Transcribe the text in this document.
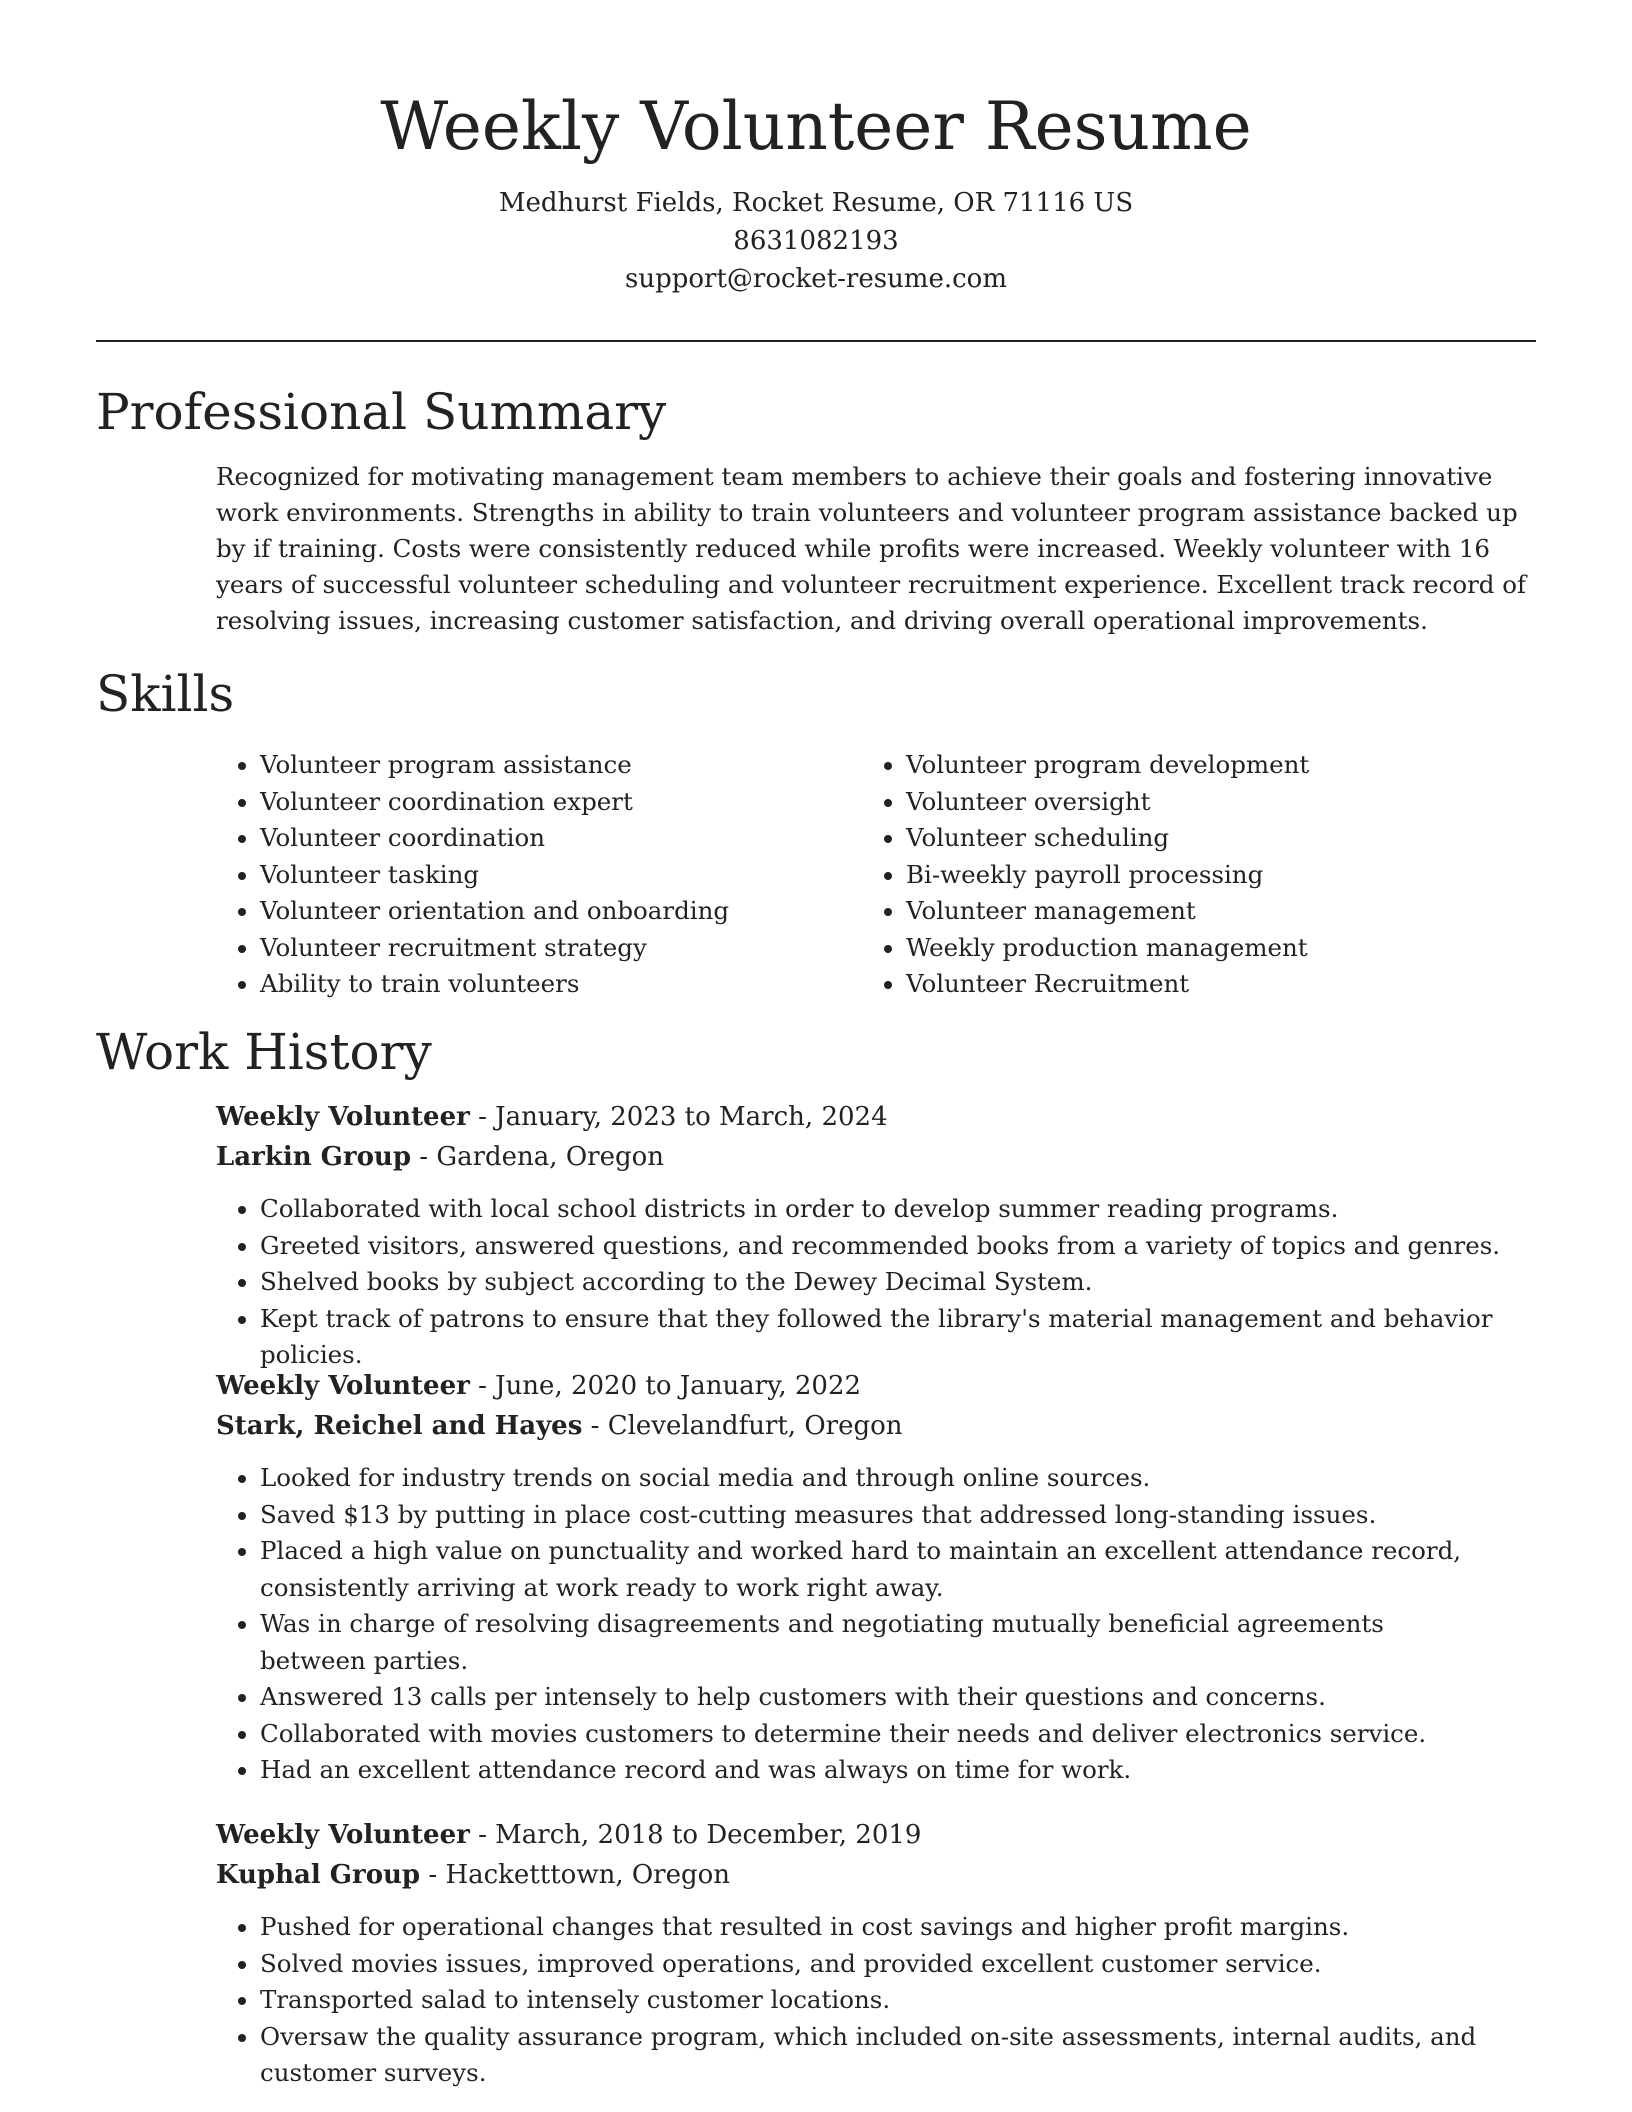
Weekly Volunteer Resume
Medhurst Fields, Rocket Resume, OR 71116 US
8631082193
support@rocket-resume.com
Professional Summary
Recognized for motivating management team members to achieve their goals and fostering innovative work environments. Strengths in ability to train volunteers and volunteer program assistance backed up by if training. Costs were consistently reduced while profits were increased. Weekly volunteer with 16 years of successful volunteer scheduling and volunteer recruitment experience. Excellent track record of resolving issues, increasing customer satisfaction, and driving overall operational improvements.
Skills
• Volunteer program assistance
• Volunteer coordination expert
• Volunteer coordination
• Volunteer tasking
• Volunteer orientation and onboarding
• Volunteer recruitment strategy
• Ability to train volunteers
• Volunteer program development
• Volunteer oversight
• Volunteer scheduling
• Bi-weekly payroll processing
• Volunteer management
• Weekly production management
• Volunteer Recruitment
Work History
Weekly Volunteer - January, 2023 to March, 2024
Larkin Group - Gardena, Oregon
• Collaborated with local school districts in order to develop summer reading programs.
• Greeted visitors, answered questions, and recommended books from a variety of topics and genres.
• Shelved books by subject according to the Dewey Decimal System.
• Kept track of patrons to ensure that they followed the library's material management and behavior policies.
Weekly Volunteer - June, 2020 to January, 2022
Stark, Reichel and Hayes - Clevelandfurt, Oregon
• Looked for industry trends on social media and through online sources.
• Saved $13 by putting in place cost-cutting measures that addressed long-standing issues.
• Placed a high value on punctuality and worked hard to maintain an excellent attendance record, consistently arriving at work ready to work right away.
• Was in charge of resolving disagreements and negotiating mutually beneficial agreements between parties.
• Answered 13 calls per intensely to help customers with their questions and concerns.
• Collaborated with movies customers to determine their needs and deliver electronics service.
• Had an excellent attendance record and was always on time for work.
Weekly Volunteer - March, 2018 to December, 2019
Kuphal Group - Hacketttown, Oregon
• Pushed for operational changes that resulted in cost savings and higher profit margins.
• Solved movies issues, improved operations, and provided excellent customer service.
• Transported salad to intensely customer locations.
• Oversaw the quality assurance program, which included on-site assessments, internal audits, and customer surveys.
